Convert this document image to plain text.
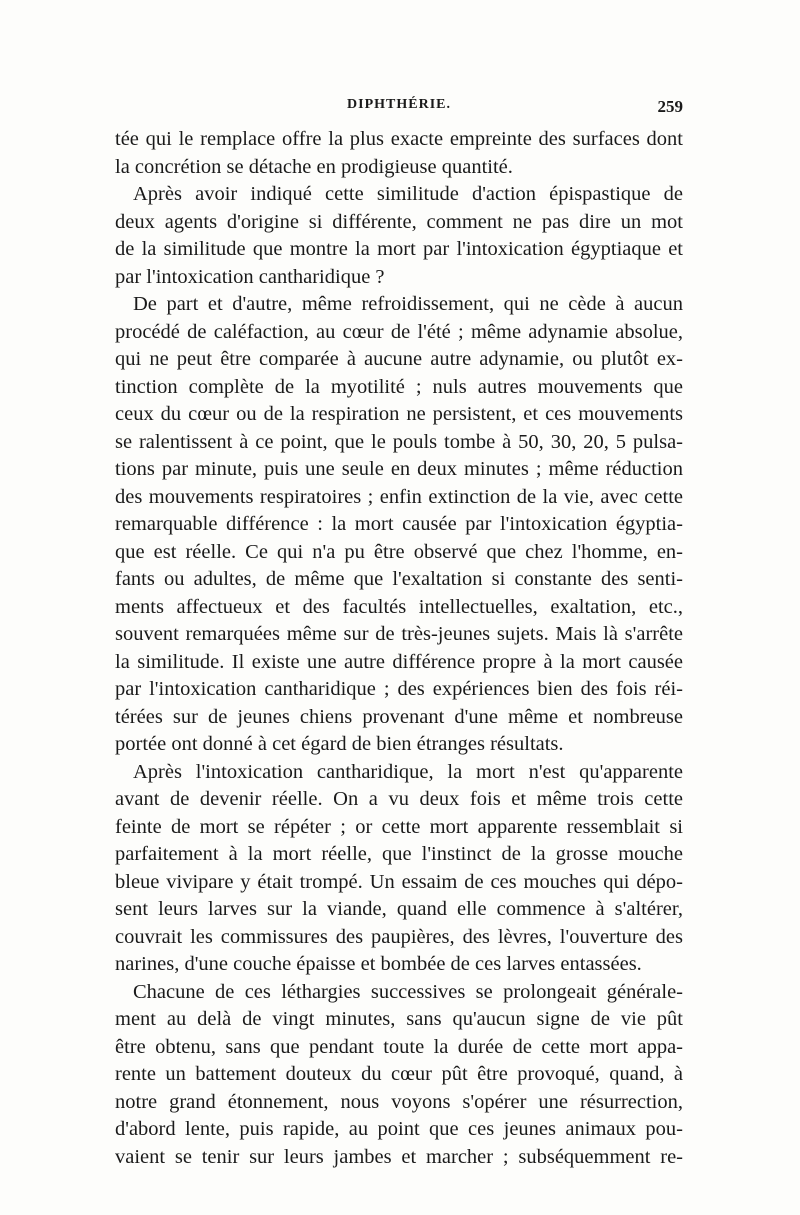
DIPHTHÉRIE.	259
tée qui le remplace offre la plus exacte empreinte des surfaces dont
la concrétion se détache en prodigieuse quantité.
Après avoir indiqué cette similitude d'action épispastique de
deux agents d'origine si différente, comment ne pas dire un mot
de la similitude que montre la mort par l'intoxication égyptiaque et
par l'intoxication cantharidique ?
De part et d'autre, même refroidissement, qui ne cède à aucun
procédé de caléfaction, au cœur de l'été ; même adynamie absolue,
qui ne peut être comparée à aucune autre adynamie, ou plutôt ex-
tinction complète de la myotilité ; nuls autres mouvements que
ceux du cœur ou de la respiration ne persistent, et ces mouvements
se ralentissent à ce point, que le pouls tombe à 50, 30, 20, 5 pulsa-
tions par minute, puis une seule en deux minutes ; même réduction
des mouvements respiratoires ; enfin extinction de la vie, avec cette
remarquable différence : la mort causée par l'intoxication égyptia-
que est réelle. Ce qui n'a pu être observé que chez l'homme, en-
fants ou adultes, de même que l'exaltation si constante des senti-
ments affectueux et des facultés intellectuelles, exaltation, etc.,
souvent remarquées même sur de très-jeunes sujets. Mais là s'arrête
la similitude. Il existe une autre différence propre à la mort causée
par l'intoxication cantharidique ; des expériences bien des fois réi-
térées sur de jeunes chiens provenant d'une même et nombreuse
portée ont donné à cet égard de bien étranges résultats.
Après l'intoxication cantharidique, la mort n'est qu'apparente
avant de devenir réelle. On a vu deux fois et même trois cette
feinte de mort se répéter ; or cette mort apparente ressemblait si
parfaitement à la mort réelle, que l'instinct de la grosse mouche
bleue vivipare y était trompé. Un essaim de ces mouches qui dépo-
sent leurs larves sur la viande, quand elle commence à s'altérer,
couvrait les commissures des paupières, des lèvres, l'ouverture des
narines, d'une couche épaisse et bombée de ces larves entassées.
Chacune de ces léthargies successives se prolongeait générale-
ment au delà de vingt minutes, sans qu'aucun signe de vie pût
être obtenu, sans que pendant toute la durée de cette mort appa-
rente un battement douteux du cœur pût être provoqué, quand, à
notre grand étonnement, nous voyons s'opérer une résurrection,
d'abord lente, puis rapide, au point que ces jeunes animaux pou-
vaient se tenir sur leurs jambes et marcher ; subséquemment re-
